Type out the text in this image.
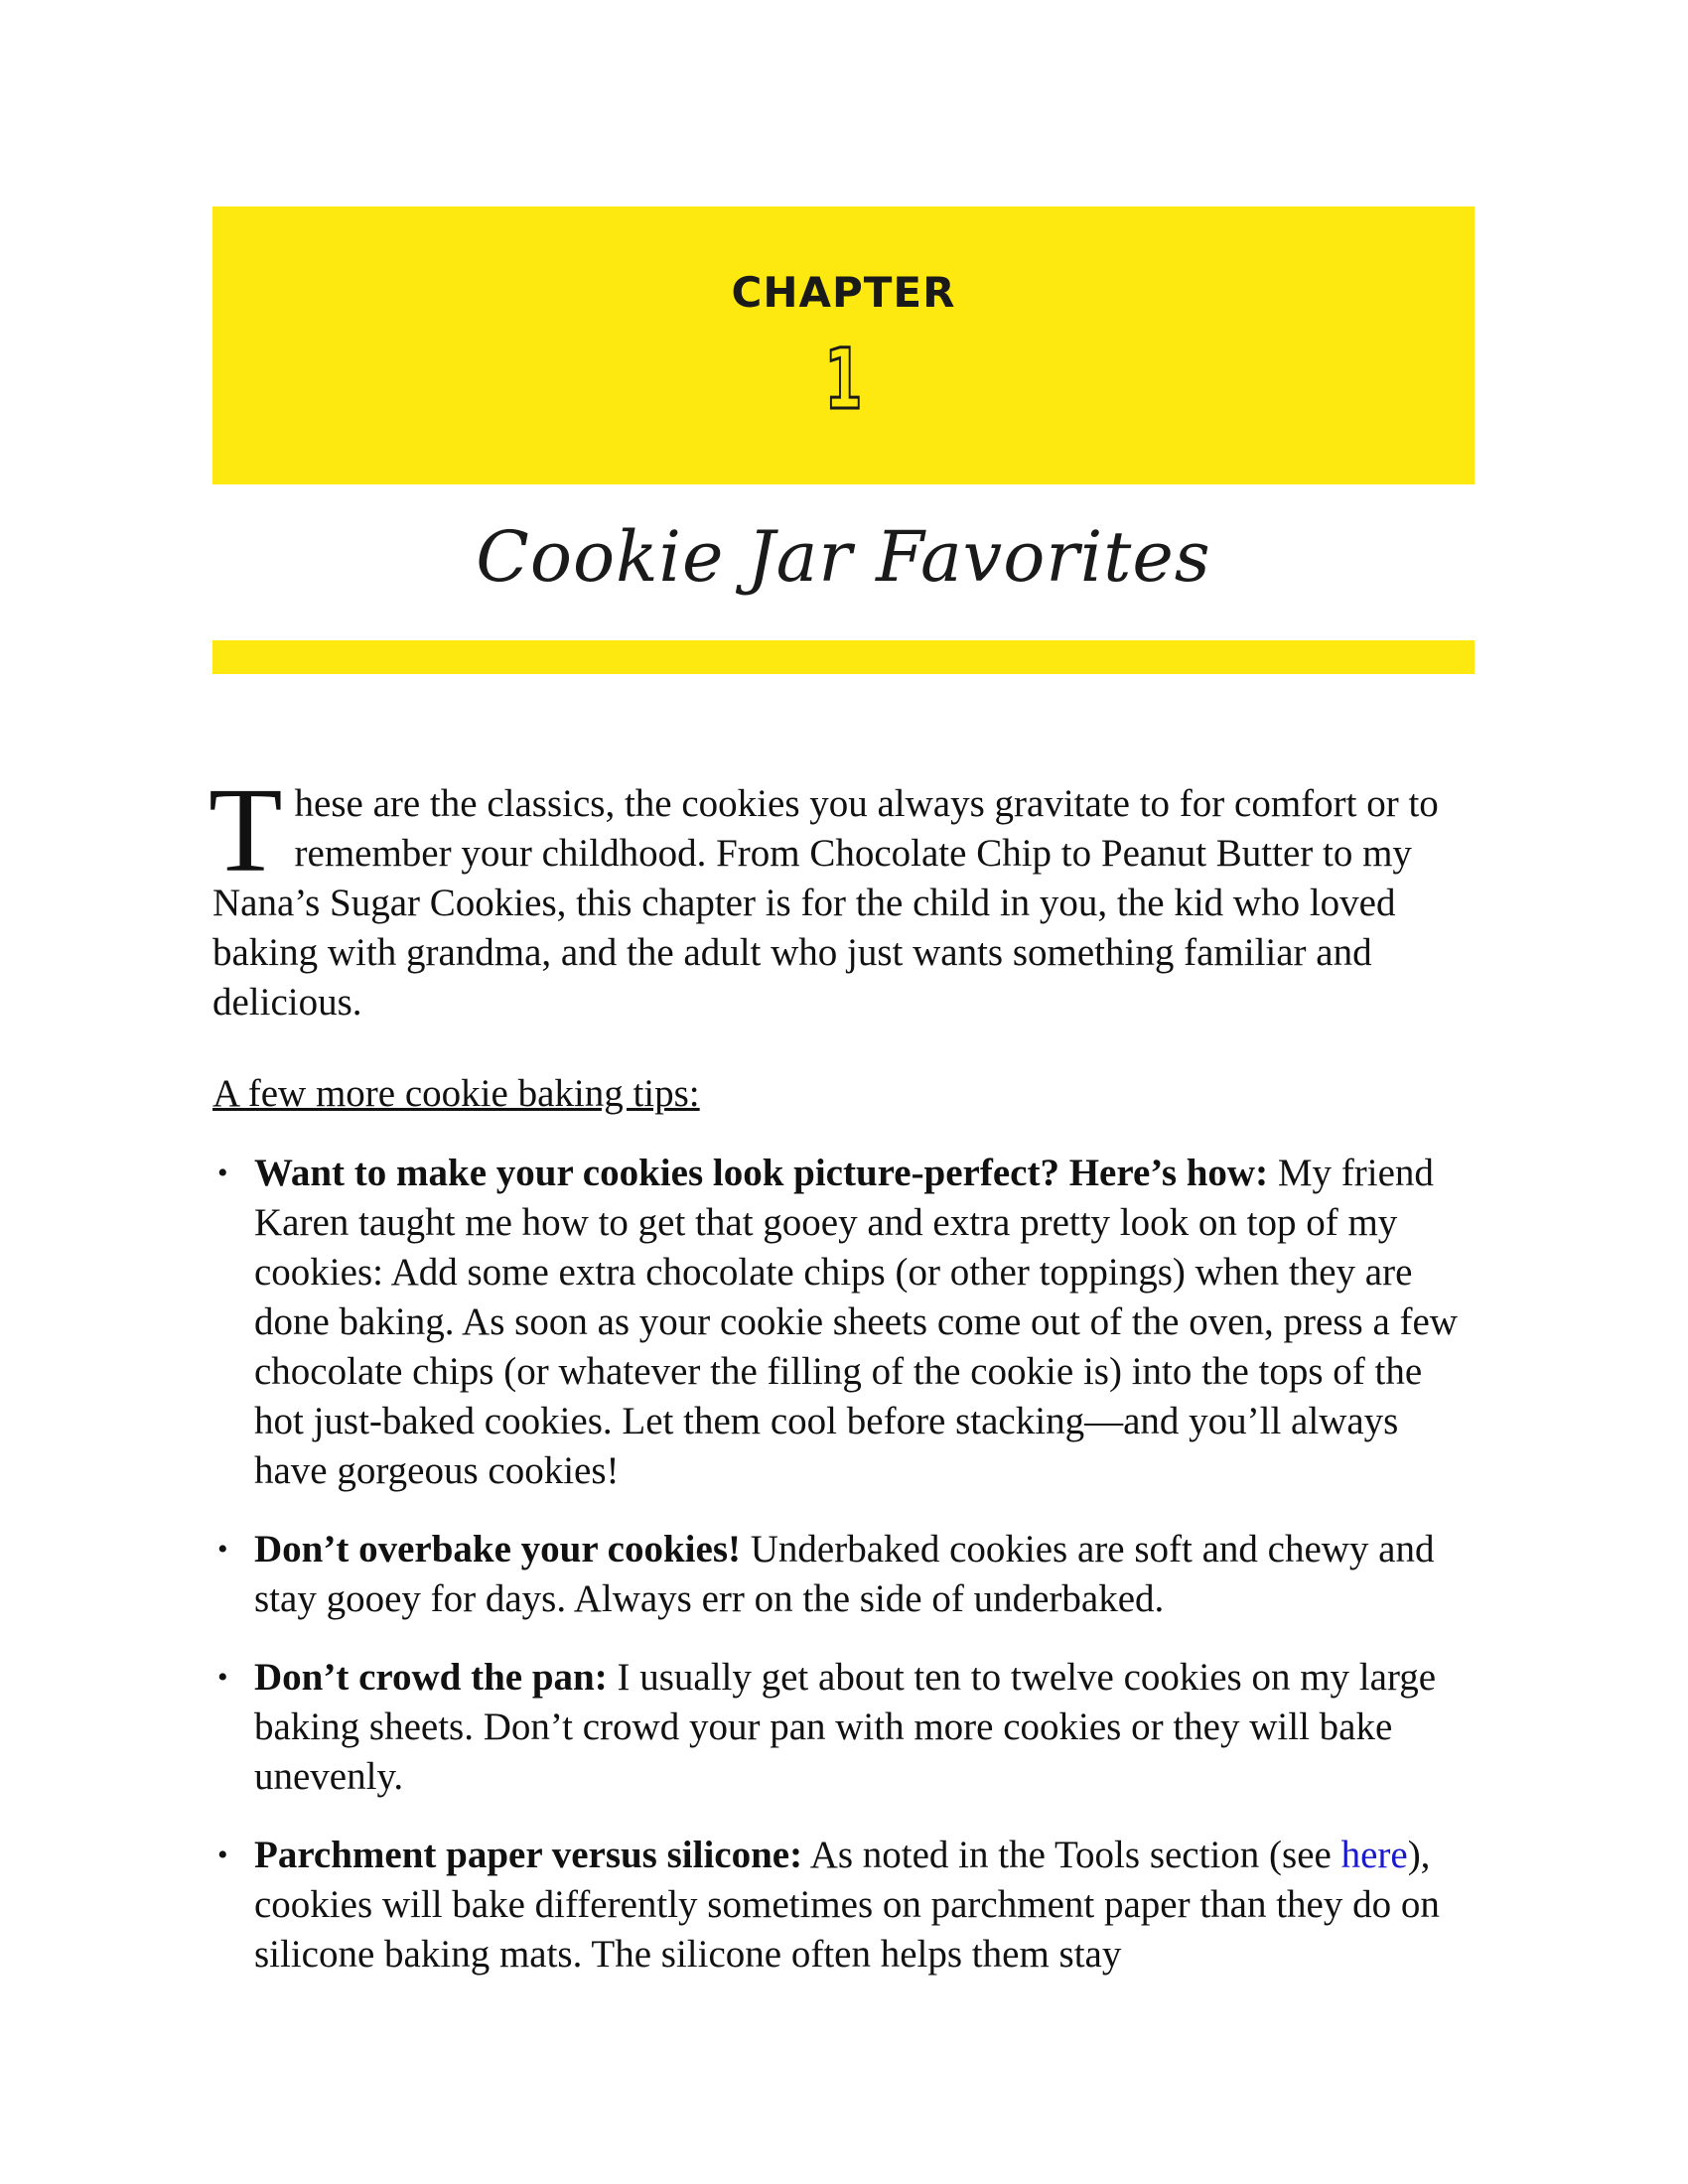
CHAPTER
1
Cookie Jar Favorites

These are the classics, the cookies you always gravitate to for comfort or to remember your childhood. From Chocolate Chip to Peanut Butter to my Nana’s Sugar Cookies, this chapter is for the child in you, the kid who loved baking with grandma, and the adult who just wants something familiar and delicious.

A few more cookie baking tips:

• Want to make your cookies look picture-perfect? Here’s how: My friend Karen taught me how to get that gooey and extra pretty look on top of my cookies: Add some extra chocolate chips (or other toppings) when they are done baking. As soon as your cookie sheets come out of the oven, press a few chocolate chips (or whatever the filling of the cookie is) into the tops of the hot just-baked cookies. Let them cool before stacking—and you’ll always have gorgeous cookies!
• Don’t overbake your cookies! Underbaked cookies are soft and chewy and stay gooey for days. Always err on the side of underbaked.
• Don’t crowd the pan: I usually get about ten to twelve cookies on my large baking sheets. Don’t crowd your pan with more cookies or they will bake unevenly.
• Parchment paper versus silicone: As noted in the Tools section (see here), cookies will bake differently sometimes on parchment paper than they do on silicone baking mats. The silicone often helps them stay
